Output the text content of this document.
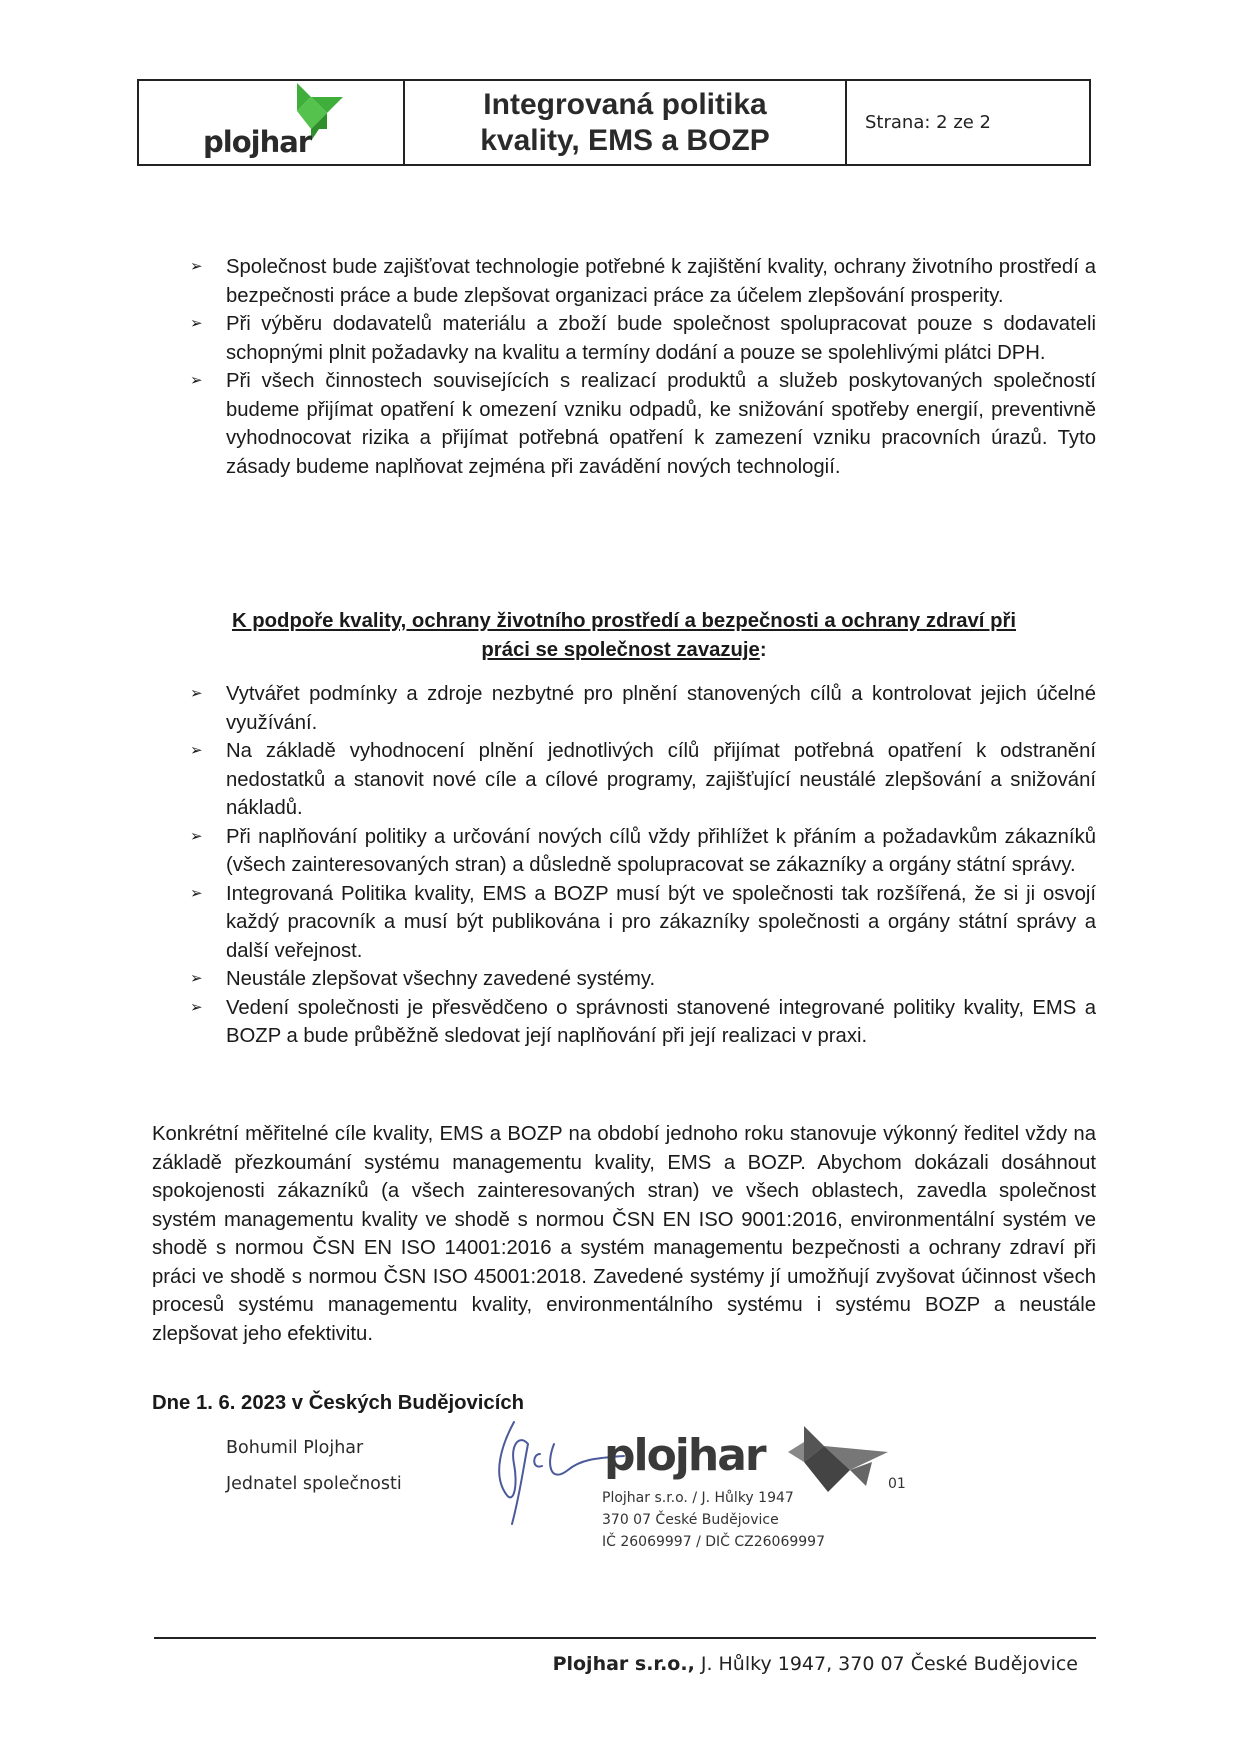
plojhar
Integrovaná politika
kvality, EMS a BOZP
Strana: 2 ze 2
➢ Společnost bude zajišťovat technologie potřebné k zajištění kvality, ochrany životního prostředí a bezpečnosti práce a bude zlepšovat organizaci práce za účelem zlepšování prosperity.
➢ Při výběru dodavatelů materiálu a zboží bude společnost spolupracovat pouze s dodavateli schopnými plnit požadavky na kvalitu a termíny dodání a pouze se spolehlivými plátci DPH.
➢ Při všech činnostech souvisejících s realizací produktů a služeb poskytovaných společností budeme přijímat opatření k omezení vzniku odpadů, ke snižování spotřeby energií, preventivně vyhodnocovat rizika a přijímat potřebná opatření k zamezení vzniku pracovních úrazů. Tyto zásady budeme naplňovat zejména při zavádění nových technologií.
K podpoře kvality, ochrany životního prostředí a bezpečnosti a ochrany zdraví při
práci se společnost zavazuje:
➢ Vytvářet podmínky a zdroje nezbytné pro plnění stanovených cílů a kontrolovat jejich účelné využívání.
➢ Na základě vyhodnocení plnění jednotlivých cílů přijímat potřebná opatření k odstranění nedostatků a stanovit nové cíle a cílové programy, zajišťující neustálé zlepšování a snižování nákladů.
➢ Při naplňování politiky a určování nových cílů vždy přihlížet k přáním a požadavkům zákazníků (všech zainteresovaných stran) a důsledně spolupracovat se zákazníky a orgány státní správy.
➢ Integrovaná Politika kvality, EMS a BOZP musí být ve společnosti tak rozšířená, že si ji osvojí každý pracovník a musí být publikována i pro zákazníky společnosti a orgány státní správy a další veřejnost.
➢ Neustále zlepšovat všechny zavedené systémy.
➢ Vedení společnosti je přesvědčeno o správnosti stanovené integrované politiky kvality, EMS a BOZP a bude průběžně sledovat její naplňování při její realizaci v praxi.

Konkrétní měřitelné cíle kvality, EMS a BOZP na období jednoho roku stanovuje výkonný ředitel vždy na základě přezkoumání systému managementu kvality, EMS a BOZP. Abychom dokázali dosáhnout spokojenosti zákazníků (a všech zainteresovaných stran) ve všech oblastech, zavedla společnost systém managementu kvality ve shodě s normou ČSN EN ISO 9001:2016, environmentální systém ve shodě s normou ČSN EN ISO 14001:2016 a systém managementu bezpečnosti a ochrany zdraví při práci ve shodě s normou ČSN ISO 45001:2018. Zavedené systémy jí umožňují zvyšovat účinnost všech procesů systému managementu kvality, environmentálního systému i systému BOZP a neustále zlepšovat jeho efektivitu.

Dne 1. 6. 2023 v Českých Budějovicích
Bohumil Plojhar
Jednatel společnosti
plojhar
01
Plojhar s.r.o. / J. Hůlky 1947
370 07 České Budějovice
IČ 26069997 / DIČ CZ26069997
Plojhar s.r.o., J. Hůlky 1947, 370 07 České Budějovice
